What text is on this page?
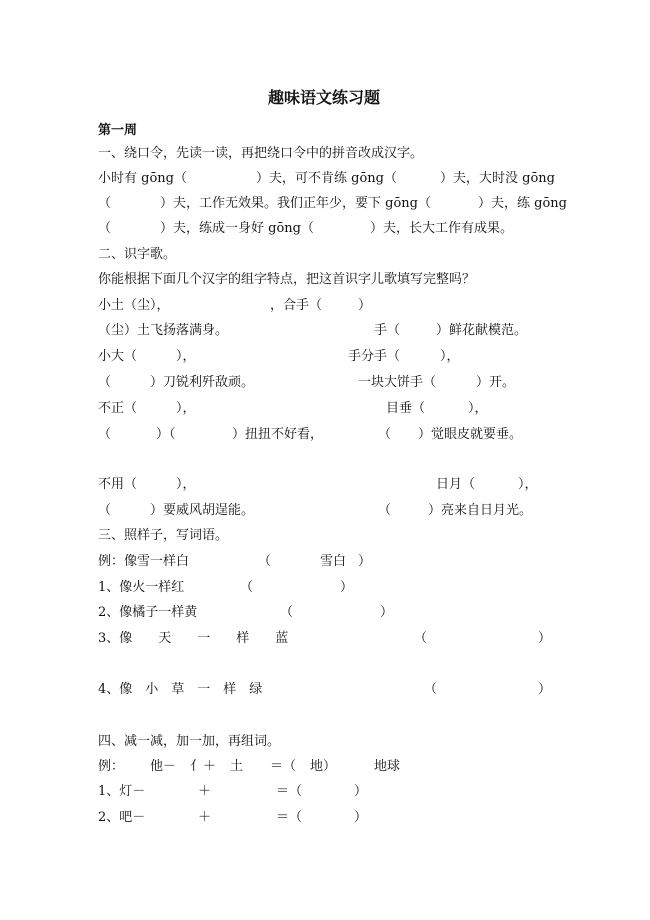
趣味语文练习题
第一周
一、绕口令，先读一读，再把绕口令中的拼音改成汉字。
小时有 gōng（	）夫，可不肯练 gōng（	）夫，大时没 gōng
（	）夫，工作无效果。我们正年少，要下 gōng（	）夫，练 gōng
（	）夫，练成一身好 gōng（	）夫，长大工作有成果。
二、识字歌。
你能根据下面几个汉字的组字特点，把这首识字儿歌填写完整吗？
小土（尘），	，合手（	）
（尘）土飞扬落满身。	手（	）鲜花献模范。
小大（	），	手分手（	），
（	）刀锐利歼敌顽。	一块大饼手（	）开。
不正（	），	目垂（	），
（	）（	）扭扭不好看，	（ ）觉眼皮就要垂。
不用（	），	日月（	），
（	）要威风胡逞能。	（	）亮来自日月光。
三、照样子，写词语。
例：像雪一样白	（	雪白 ）
1、像火一样红	（	）
2、像橘子一样黄	（	）
3、像　　天　　一　　样　　蓝	（	）
4、像　小　草　一　样　绿	（	）
四、减一减，加一加，再组词。
例： 他－ 亻＋ 土 ＝（ 地）	地球
1、灯－	＋	＝（	）
2、吧－	＋	＝（	）
